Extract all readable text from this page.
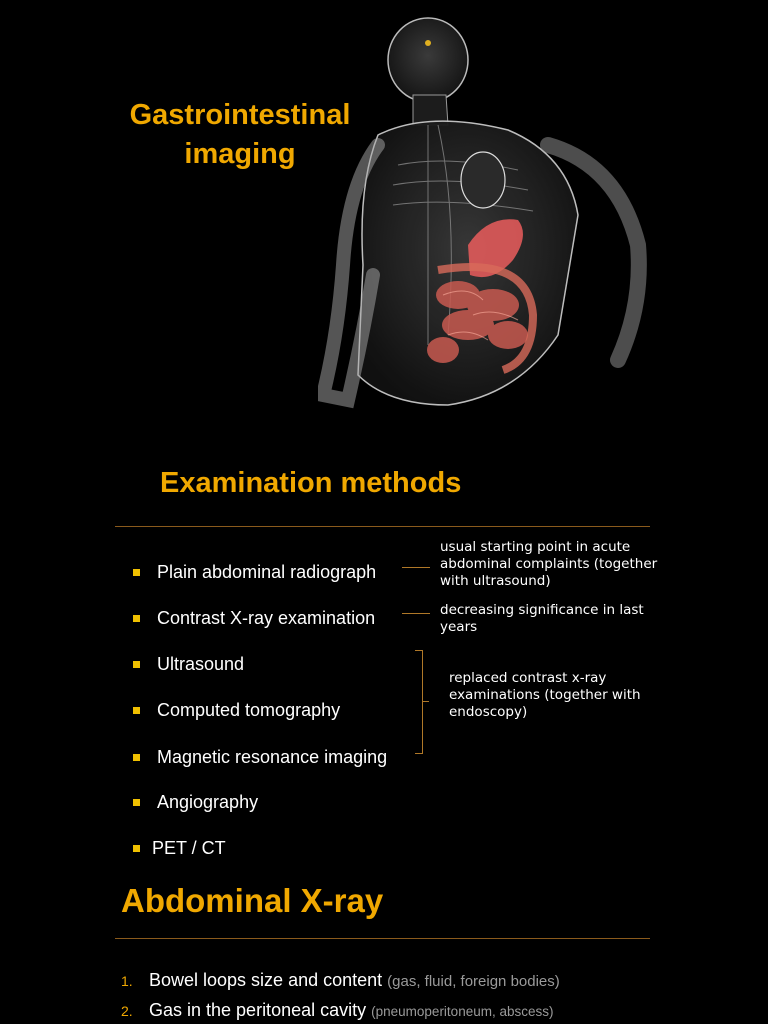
Gastrointestinal
imaging
Examination methods
Plain abdominal radiograph
Contrast X-ray examination
Ultrasound
Computed tomography
Magnetic resonance imaging
Angiography
PET / CT
usual starting point in acute abdominal complaints (together with ultrasound)
decreasing significance in last years
replaced contrast x-ray examinations (together with endoscopy)
Abdominal X-ray
1. Bowel loops size and content (gas, fluid, foreign bodies)
2. Gas in the peritoneal cavity (pneumoperitoneum, abscess)
